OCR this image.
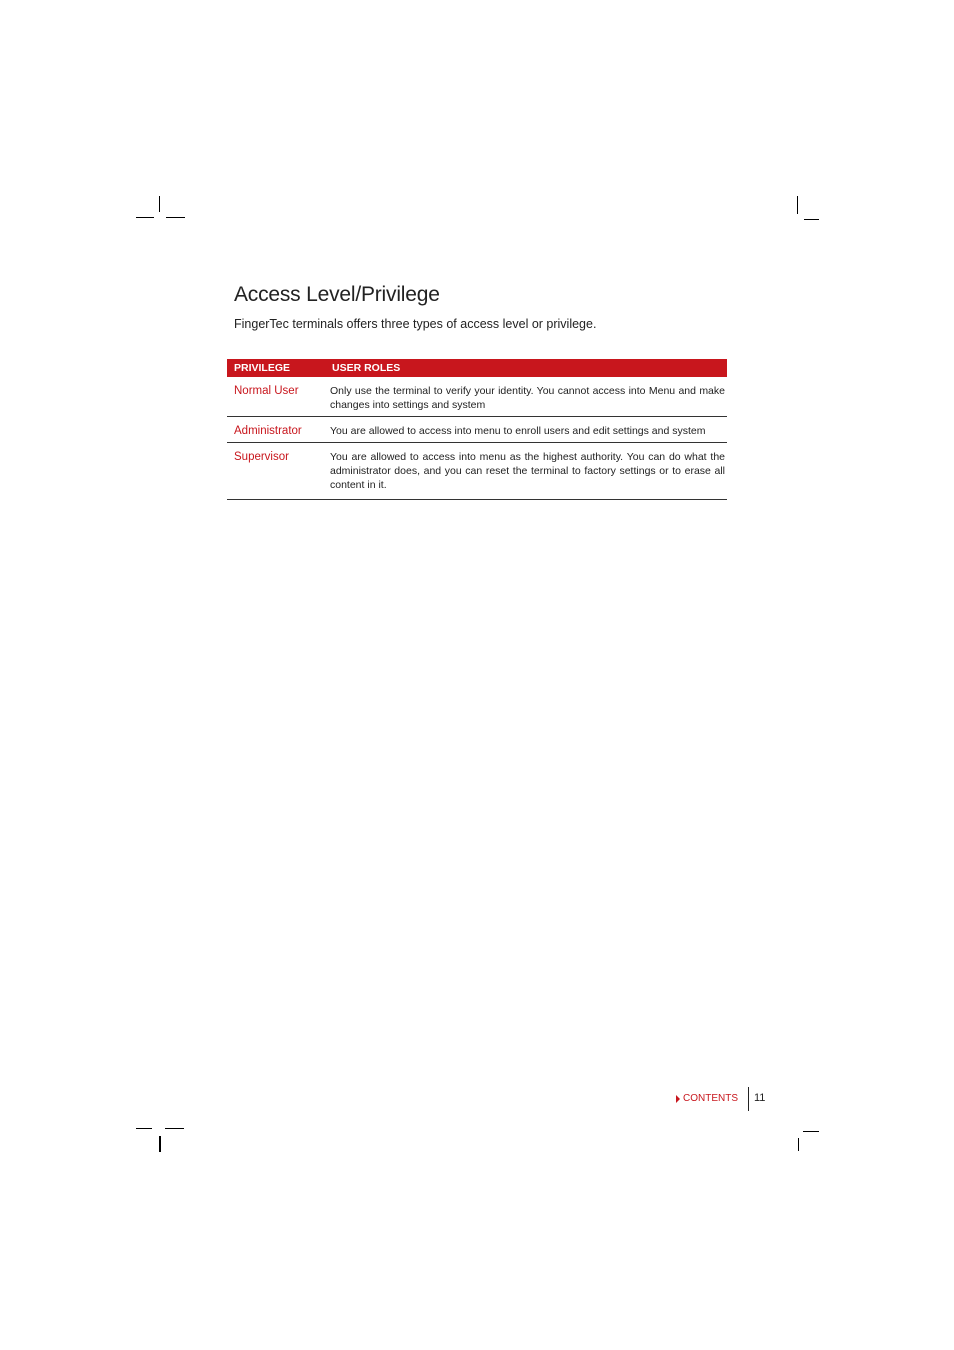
Access Level/Privilege

FingerTec terminals offers three types of access level or privilege.

PRIVILEGE	USER ROLES
Normal User	Only use the terminal to verify your identity. You cannot access into Menu and make changes into settings and system
Administrator	You are allowed to access into menu to enroll users and edit settings and system
Supervisor	You are allowed to access into menu as the highest authority. You can do what the administrator does, and you can reset the terminal to factory settings or to erase all content in it.
CONTENTS 11
